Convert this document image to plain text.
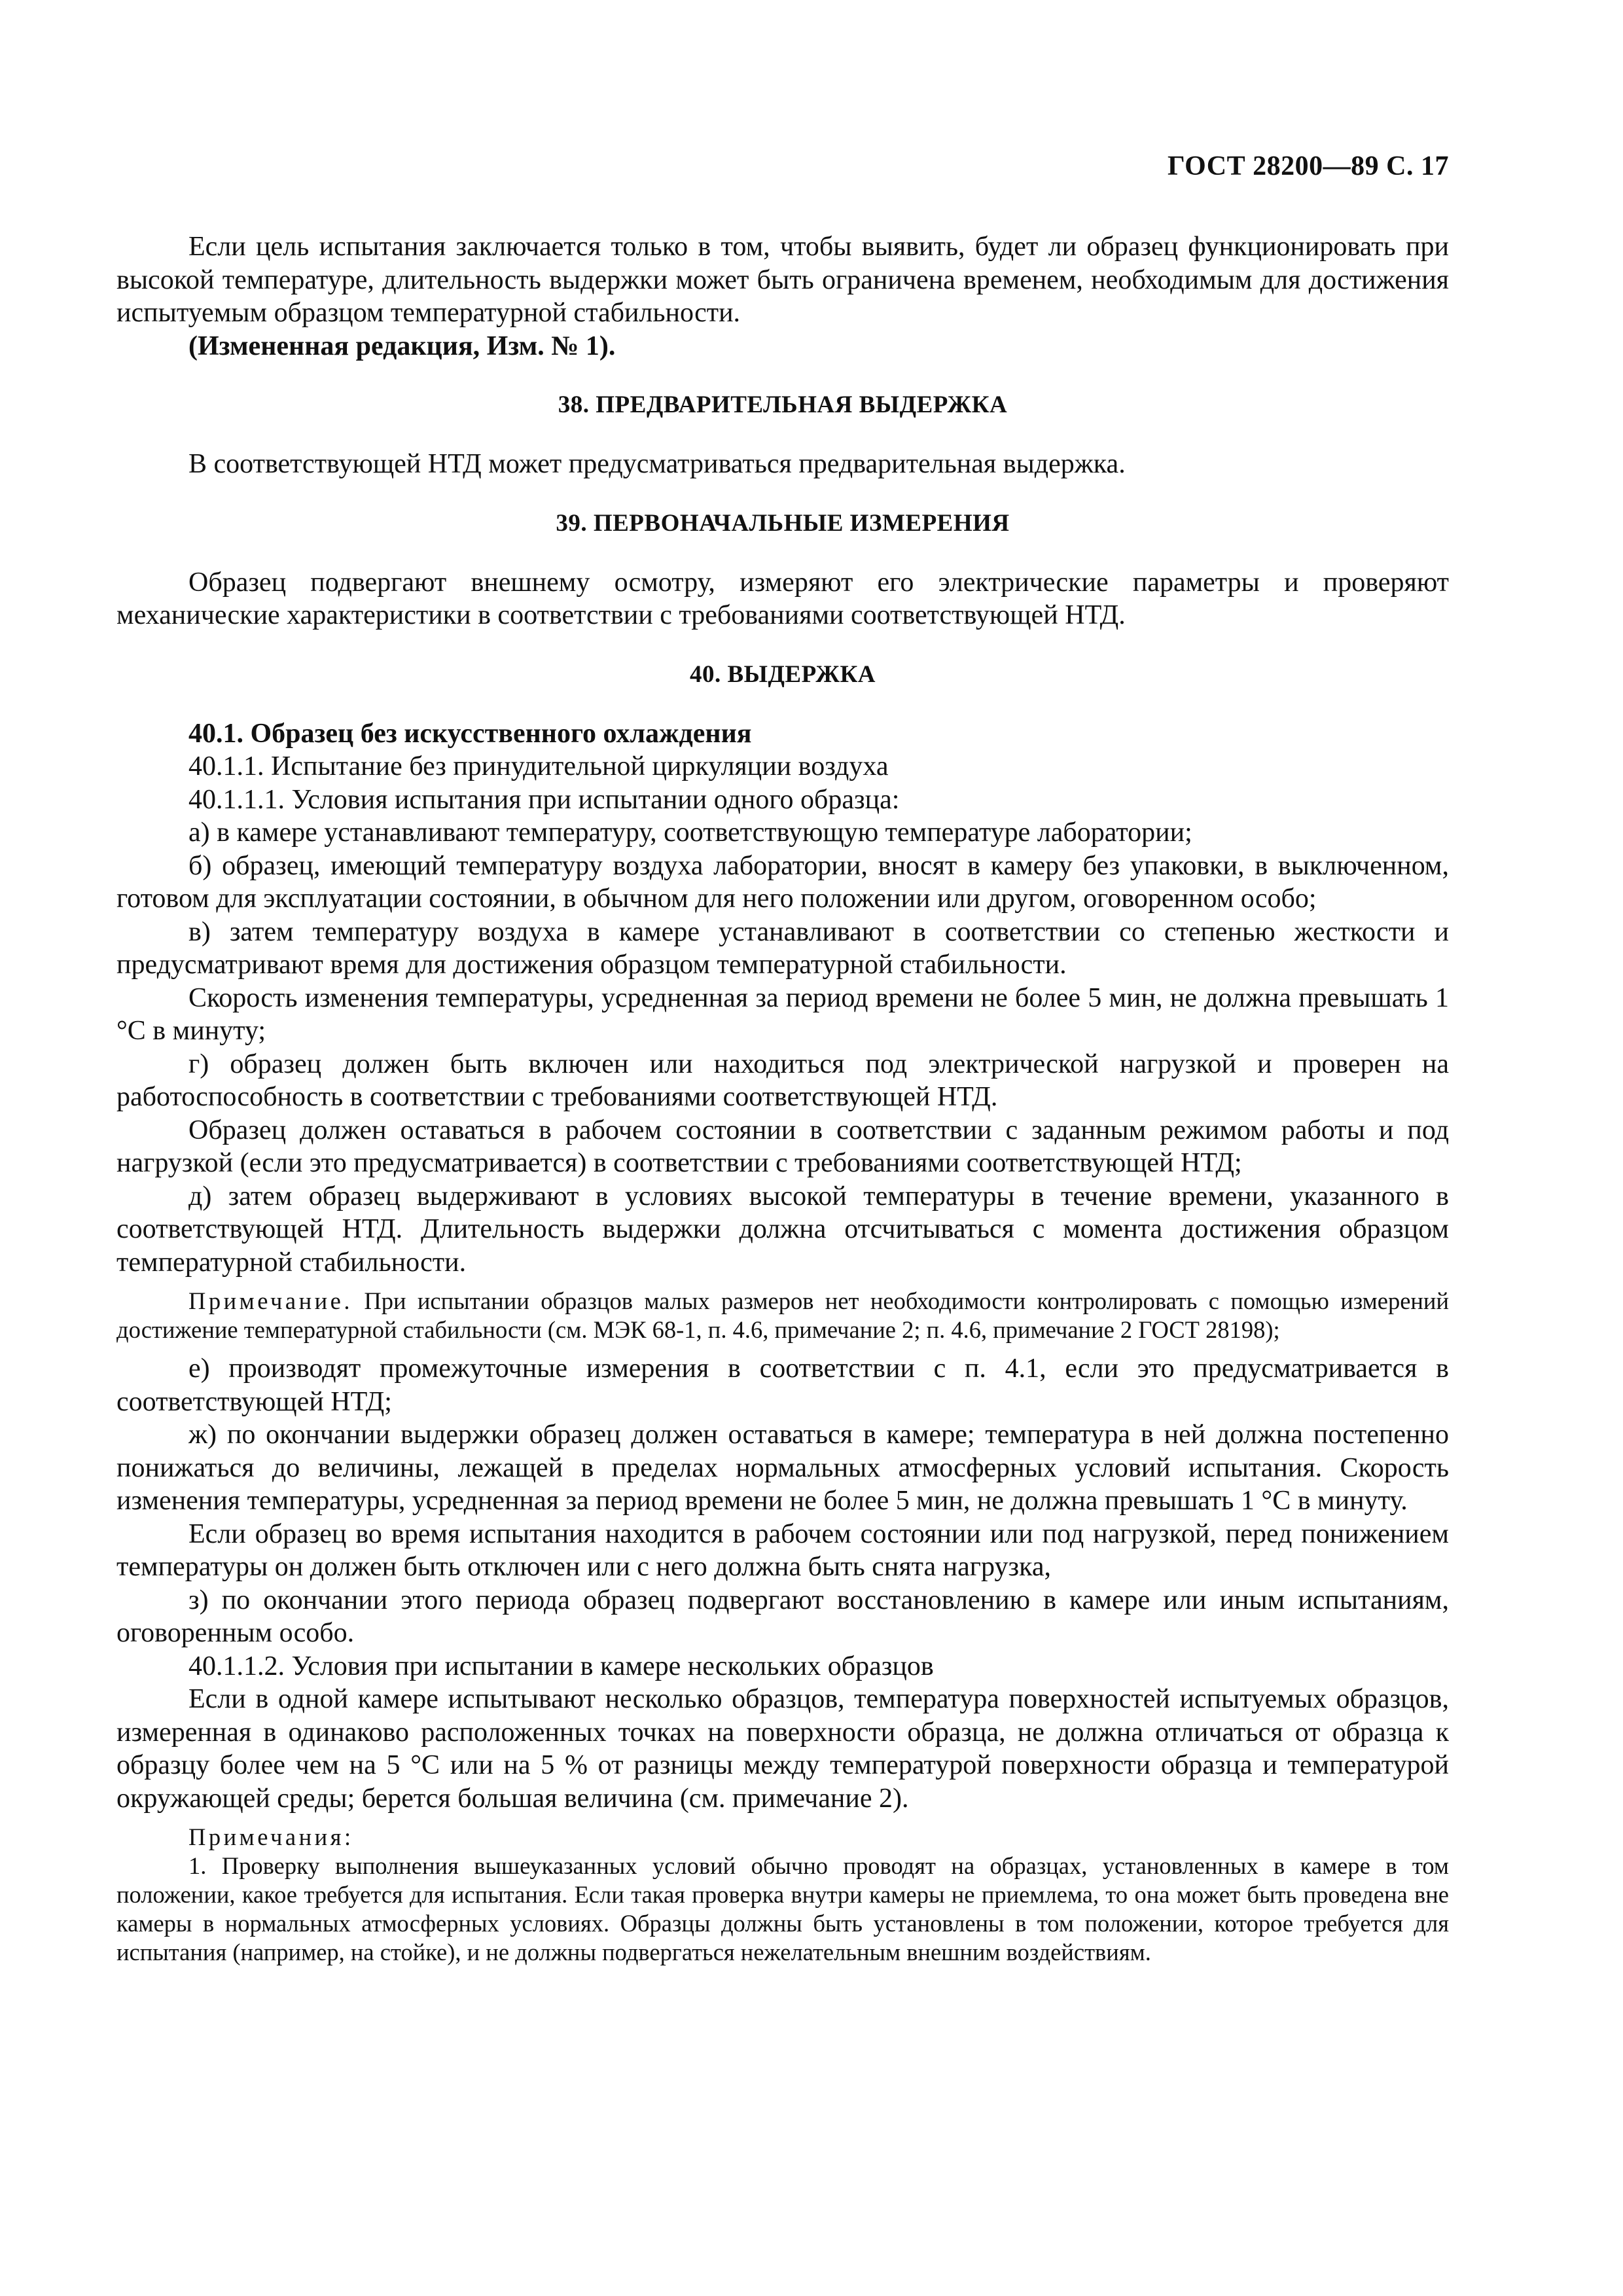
ГОСТ 28200—89 С. 17

Если цель испытания заключается только в том, чтобы выявить, будет ли образец функционировать при высокой температуре, длительность выдержки может быть ограничена временем, необходимым для достижения испытуемым образцом температурной стабильности.

(Измененная редакция, Изм. № 1).

38. ПРЕДВАРИТЕЛЬНАЯ ВЫДЕРЖКА

В соответствующей НТД может предусматриваться предварительная выдержка.

39. ПЕРВОНАЧАЛЬНЫЕ ИЗМЕРЕНИЯ

Образец подвергают внешнему осмотру, измеряют его электрические параметры и проверяют механические характеристики в соответствии с требованиями соответствующей НТД.

40. ВЫДЕРЖКА

40.1. Образец без искусственного охлаждения

40.1.1. Испытание без принудительной циркуляции воздуха

40.1.1.1. Условия испытания при испытании одного образца:

а) в камере устанавливают температуру, соответствующую температуре лаборатории;

б) образец, имеющий температуру воздуха лаборатории, вносят в камеру без упаковки, в выключенном, готовом для эксплуатации состоянии, в обычном для него положении или другом, оговоренном особо;

в) затем температуру воздуха в камере устанавливают в соответствии со степенью жесткости и предусматривают время для достижения образцом температурной стабильности.

Скорость изменения температуры, усредненная за период времени не более 5 мин, не должна превышать 1 °С в минуту;

г) образец должен быть включен или находиться под электрической нагрузкой и проверен на работоспособность в соответствии с требованиями соответствующей НТД.

Образец должен оставаться в рабочем состоянии в соответствии с заданным режимом работы и под нагрузкой (если это предусматривается) в соответствии с требованиями соответствующей НТД;

д) затем образец выдерживают в условиях высокой температуры в течение времени, указанного в соответствующей НТД. Длительность выдержки должна отсчитываться с момента достижения образцом температурной стабильности.

Примечание. При испытании образцов малых размеров нет необходимости контролировать с помощью измерений достижение температурной стабильности (см. МЭК 68-1, п. 4.6, примечание 2; п. 4.6, примечание 2 ГОСТ 28198);

е) производят промежуточные измерения в соответствии с п. 4.1, если это предусматривается в соответствующей НТД;

ж) по окончании выдержки образец должен оставаться в камере; температура в ней должна постепенно понижаться до величины, лежащей в пределах нормальных атмосферных условий испытания. Скорость изменения температуры, усредненная за период времени не более 5 мин, не должна превышать 1 °С в минуту.

Если образец во время испытания находится в рабочем состоянии или под нагрузкой, перед понижением температуры он должен быть отключен или с него должна быть снята нагрузка,

з) по окончании этого периода образец подвергают восстановлению в камере или иным испытаниям, оговоренным особо.

40.1.1.2. Условия при испытании в камере нескольких образцов

Если в одной камере испытывают несколько образцов, температура поверхностей испытуемых образцов, измеренная в одинаково расположенных точках на поверхности образца, не должна отличаться от образца к образцу более чем на 5 °С или на 5 % от разницы между температурой поверхности образца и температурой окружающей среды; берется большая величина (см. примечание 2).

Примечания:

1. Проверку выполнения вышеуказанных условий обычно проводят на образцах, установленных в камере в том положении, какое требуется для испытания. Если такая проверка внутри камеры не приемлема, то она может быть проведена вне камеры в нормальных атмосферных условиях. Образцы должны быть установлены в том положении, которое требуется для испытания (например, на стойке), и не должны подвергаться нежелательным внешним воздействиям.
